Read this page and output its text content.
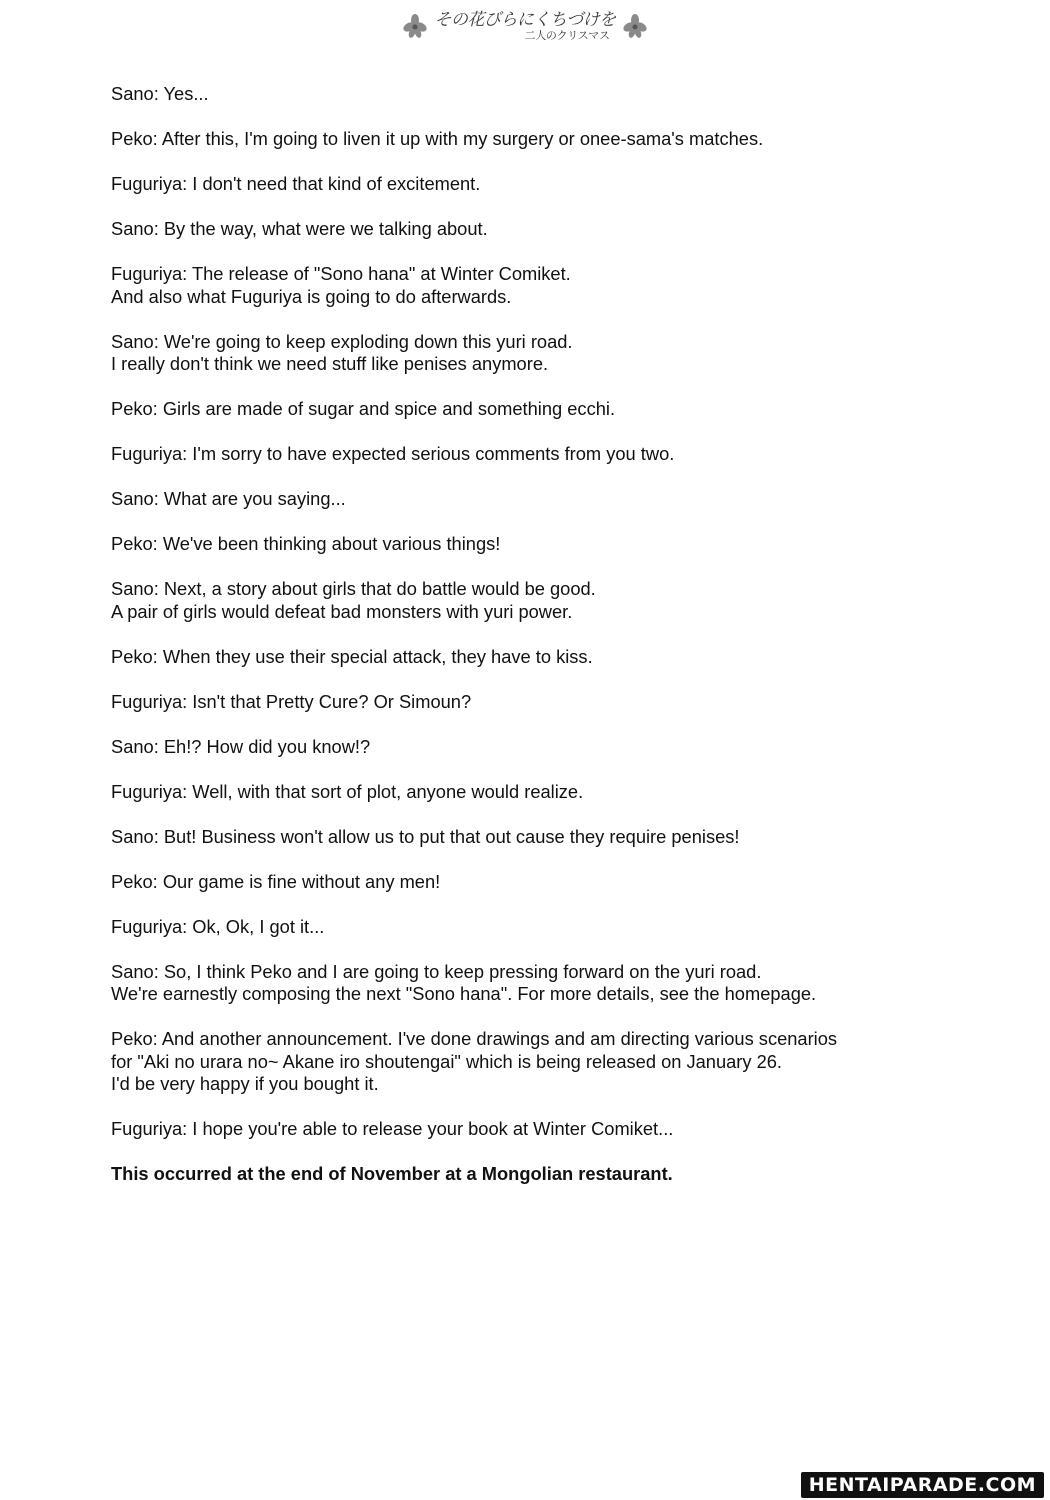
その花びらにくちづけを
二人のクリスマス

Sano: Yes...

Peko: After this, I'm going to liven it up with my surgery or onee-sama's matches.

Fuguriya: I don't need that kind of excitement.

Sano: By the way, what were we talking about.

Fuguriya: The release of "Sono hana" at Winter Comiket.
And also what Fuguriya is going to do afterwards.

Sano: We're going to keep exploding down this yuri road.
I really don't think we need stuff like penises anymore.

Peko: Girls are made of sugar and spice and something ecchi.

Fuguriya: I'm sorry to have expected serious comments from you two.

Sano: What are you saying...

Peko: We've been thinking about various things!

Sano: Next, a story about girls that do battle would be good.
A pair of girls would defeat bad monsters with yuri power.

Peko: When they use their special attack, they have to kiss.

Fuguriya: Isn't that Pretty Cure? Or Simoun?

Sano: Eh!? How did you know!?

Fuguriya: Well, with that sort of plot, anyone would realize.

Sano: But! Business won't allow us to put that out cause they require penises!

Peko: Our game is fine without any men!

Fuguriya: Ok, Ok, I got it...

Sano: So, I think Peko and I are going to keep pressing forward on the yuri road.
We're earnestly composing the next "Sono hana". For more details, see the homepage.

Peko: And another announcement. I've done drawings and am directing various scenarios
for "Aki no urara no~ Akane iro shoutengai" which is being released on January 26.
I'd be very happy if you bought it.

Fuguriya: I hope you're able to release your book at Winter Comiket...

This occurred at the end of November at a Mongolian restaurant.

HENTAIPARADE.COM
